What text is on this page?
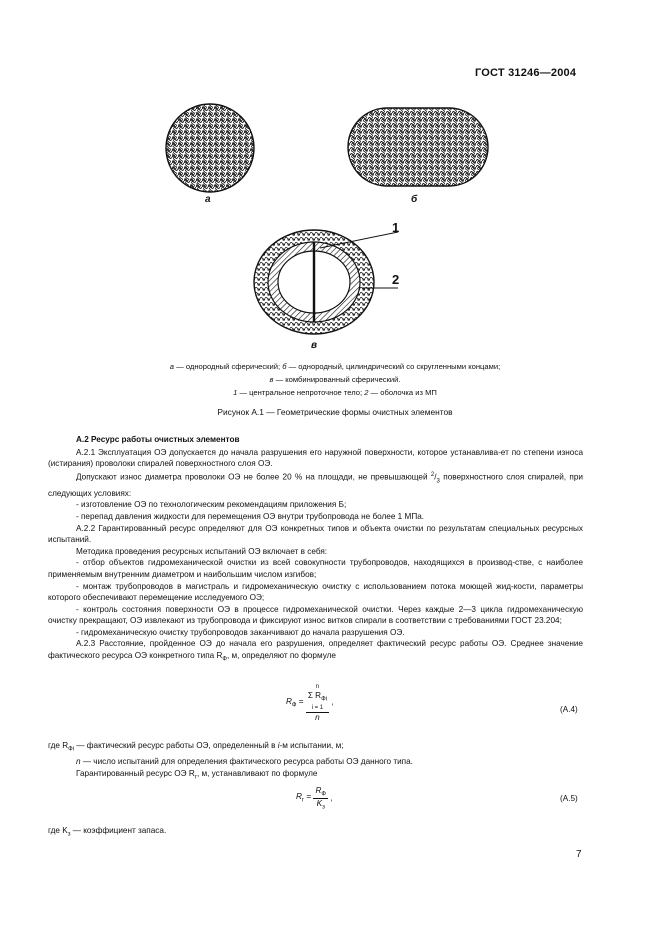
ГОСТ 31246—2004
а	б
1
2
в
а — однородный сферический; б — однородный, цилиндрический со скругленными концами;
в — комбинированный сферический.
1 — центральное непроточное тело; 2 — оболочка из МП
Рисунок А.1 — Геометрические формы очистных элементов

А.2 Ресурс работы очистных элементов

А.2.1 Эксплуатация ОЭ допускается до начала разрушения его наружной поверхности, которое устанавлива-ет по степени износа (истирания) проволоки спиралей поверхностного слоя ОЭ.

Допускают износ диаметра проволоки ОЭ не более 20 % на площади, не превышающей $^2/_3$ поверхностного слоя спиралей, при следующих условиях:

- изготовление ОЭ по технологическим рекомендациям приложения Б;

- перепад давления жидкости для перемещения ОЭ внутри трубопровода не более 1 МПа.

А.2.2 Гарантированный ресурс определяют для ОЭ конкретных типов и объекта очистки по результатам специальных ресурсных испытаний.

Методика проведения ресурсных испытаний ОЭ включает в себя:

- отбор объектов гидромеханической очистки из всей совокупности трубопроводов, находящихся в производ-стве, с наиболее применяемым внутренним диаметром и наибольшим числом изгибов;

- монтаж трубопроводов в магистраль и гидромеханическую очистку с использованием потока моющей жид-кости, параметры которого обеспечивают перемещение исследуемого ОЭ;

- контроль состояния поверхности ОЭ в процессе гидромеханической очистки. Через каждые 2—3 цикла гидромеханическую очистку прекращают, ОЭ извлекают из трубопровода и фиксируют износ витков спирали в соответствии с требованиями ГОСТ 23.204;

- гидромеханическую очистку трубопроводов заканчивают до начала разрушения ОЭ.

А.2.3 Расстояние, пройденное ОЭ до начала его разрушения, определяет фактический ресурс работы ОЭ. Среднее значение фактического ресурса ОЭ конкретного типа $R_Ф$, м, определяют по формуле

$R_Ф = n$
Σ $R_{Фi}$
i = 1
n ,
(А.4)
где $R_{Фi}$ — фактический ресурс работы ОЭ, определенный в i-м испытании, м;
n — число испытаний для определения фактического ресурса работы ОЭ данного типа.
Гарантированный ресурс ОЭ $R_г$, м, устанавливают по формуле
$R_г = \frac{R_Ф}{K_з}$ ,	(А.5)
где $K_з$ — коэффициент запаса.
7
